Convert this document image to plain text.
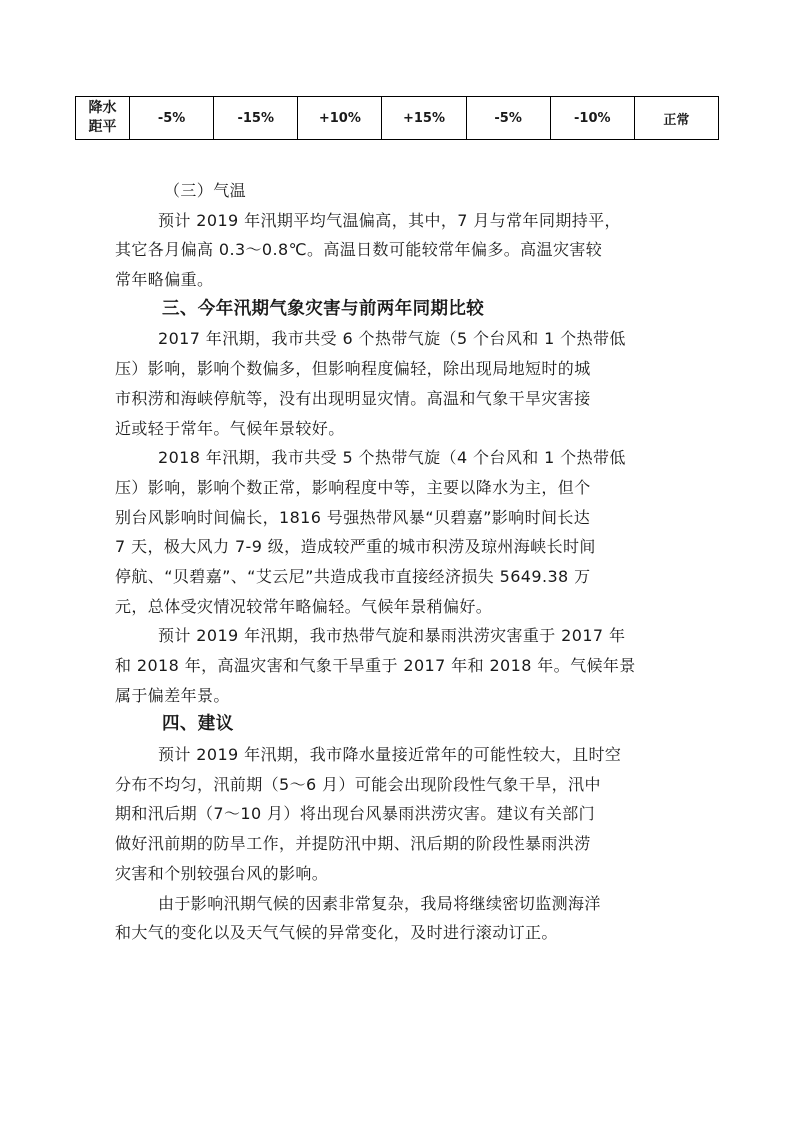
降水
距平	-5%	-15%	+10%	+15%	-5%	-10%	正常
（三）气温
预计 2019 年汛期平均气温偏高，其中，7 月与常年同期持平，
其它各月偏高 0.3～0.8℃。高温日数可能较常年偏多。高温灾害较
常年略偏重。
三、今年汛期气象灾害与前两年同期比较
2017 年汛期，我市共受 6 个热带气旋（5 个台风和 1 个热带低
压）影响，影响个数偏多，但影响程度偏轻，除出现局地短时的城
市积涝和海峡停航等，没有出现明显灾情。高温和气象干旱灾害接
近或轻于常年。气候年景较好。
2018 年汛期，我市共受 5 个热带气旋（4 个台风和 1 个热带低
压）影响，影响个数正常，影响程度中等，主要以降水为主，但个
别台风影响时间偏长，1816 号强热带风暴“贝碧嘉”影响时间长达
7 天，极大风力 7-9 级，造成较严重的城市积涝及琼州海峡长时间
停航、“贝碧嘉”、“艾云尼”共造成我市直接经济损失 5649.38 万
元，总体受灾情况较常年略偏轻。气候年景稍偏好。
预计 2019 年汛期，我市热带气旋和暴雨洪涝灾害重于 2017 年
和 2018 年，高温灾害和气象干旱重于 2017 年和 2018 年。气候年景
属于偏差年景。
四、建议
预计 2019 年汛期，我市降水量接近常年的可能性较大，且时空
分布不均匀，汛前期（5～6 月）可能会出现阶段性气象干旱，汛中
期和汛后期（7～10 月）将出现台风暴雨洪涝灾害。建议有关部门
做好汛前期的防旱工作，并提防汛中期、汛后期的阶段性暴雨洪涝
灾害和个别较强台风的影响。
由于影响汛期气候的因素非常复杂，我局将继续密切监测海洋
和大气的变化以及天气气候的异常变化，及时进行滚动订正。
